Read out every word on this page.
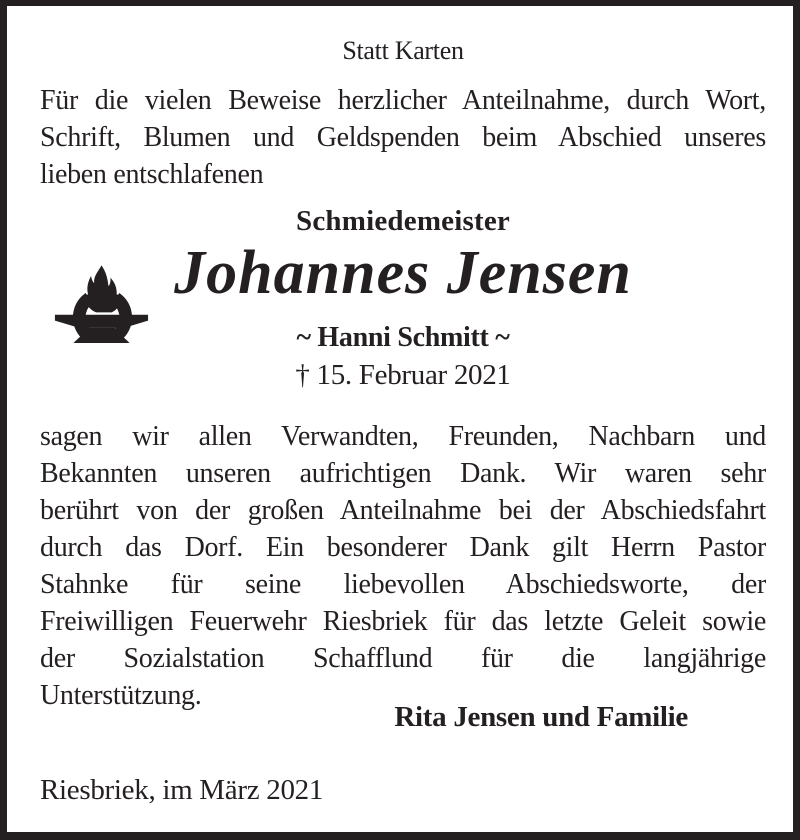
Statt Karten
Für die vielen Beweise herzlicher Anteilnahme, durch Wort,
Schrift, Blumen und Geldspenden beim Abschied unseres
lieben entschlafenen
Schmiedemeister
Johannes Jensen
~ Hanni Schmitt ~
† 15. Februar 2021
sagen wir allen Verwandten, Freunden, Nachbarn und
Bekannten unseren aufrichtigen Dank. Wir waren sehr
berührt von der großen Anteilnahme bei der Abschiedsfahrt
durch das Dorf. Ein besonderer Dank gilt Herrn Pastor
Stahnke für seine liebevollen Abschiedsworte, der
Freiwilligen Feuerwehr Riesbriek für das letzte Geleit sowie
der Sozialstation Schafflund für die langjährige
Unterstützung.
Rita Jensen und Familie
Riesbriek, im März 2021
